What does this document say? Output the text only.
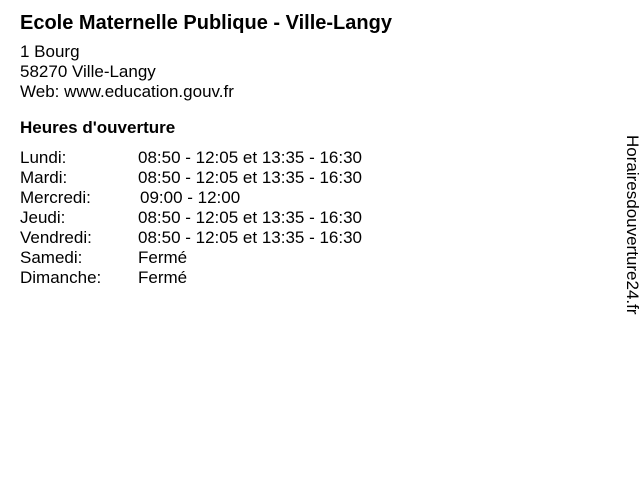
Ecole Maternelle Publique - Ville-Langy
1 Bourg
58270 Ville-Langy
Web: www.education.gouv.fr
Heures d'ouverture
Lundi:	08:50 - 12:05 et 13:35 - 16:30
Mardi:	08:50 - 12:05 et 13:35 - 16:30
Mercredi:	09:00 - 12:00
Jeudi:	08:50 - 12:05 et 13:35 - 16:30
Vendredi:	08:50 - 12:05 et 13:35 - 16:30
Samedi:	Fermé
Dimanche:	Fermé	Horairesdouverture24.fr
